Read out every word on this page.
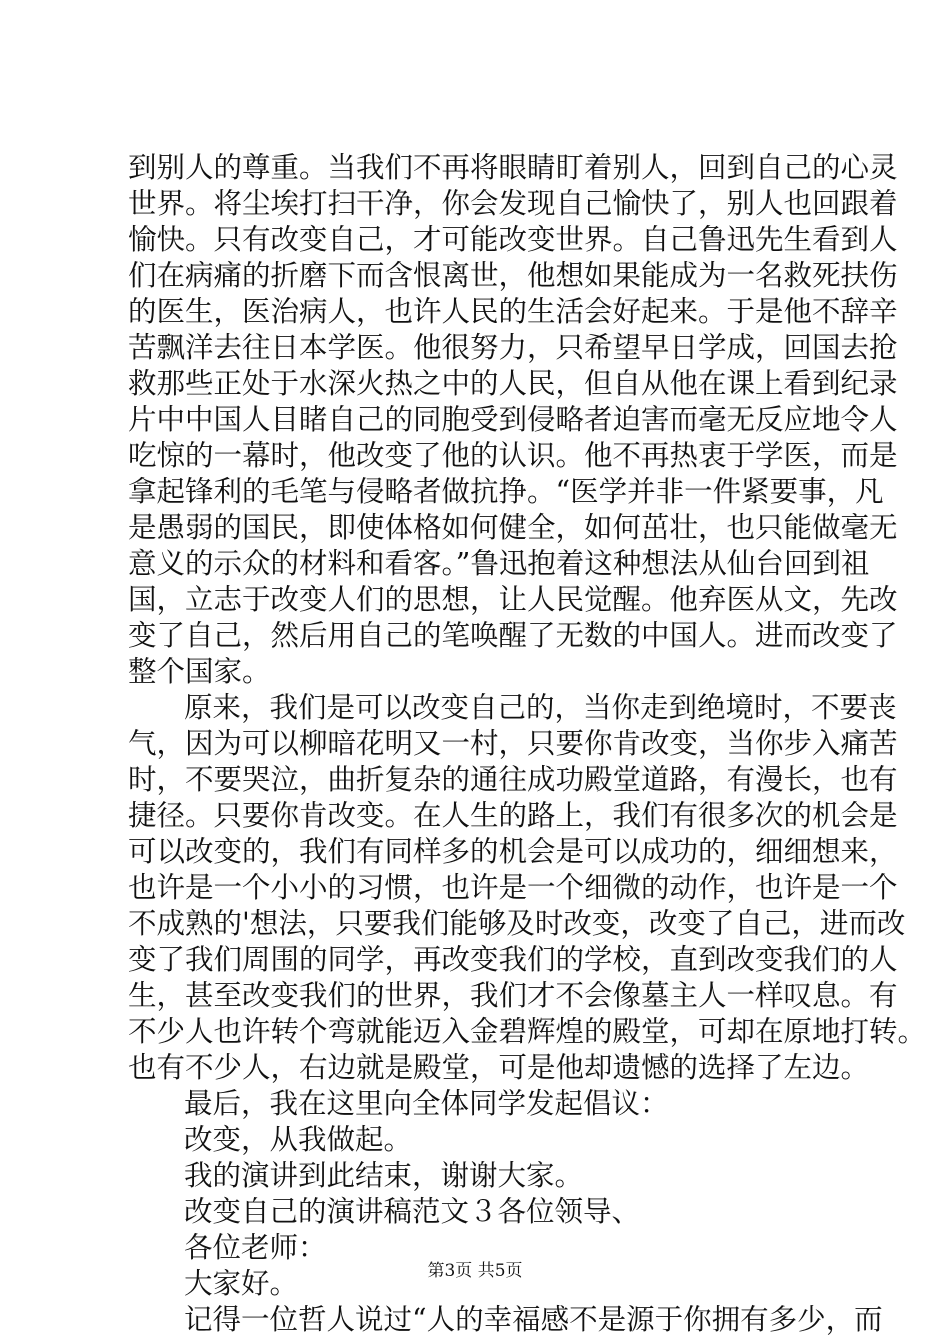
到别人的尊重。当我们不再将眼睛盯着别人，回到自己的心灵
世界。将尘埃打扫干净，你会发现自己愉快了，别人也回跟着
愉快。只有改变自己，才可能改变世界。自己鲁迅先生看到人
们在病痛的折磨下而含恨离世，他想如果能成为一名救死扶伤
的医生，医治病人，也许人民的生活会好起来。于是他不辞辛
苦飘洋去往日本学医。他很努力，只希望早日学成，回国去抢
救那些正处于水深火热之中的人民，但自从他在课上看到纪录
片中中国人目睹自己的同胞受到侵略者迫害而毫无反应地令人
吃惊的一幕时，他改变了他的认识。他不再热衷于学医，而是
拿起锋利的毛笔与侵略者做抗挣。“医学并非一件紧要事，凡
是愚弱的国民，即使体格如何健全，如何茁壮，也只能做毫无
意义的示众的材料和看客。”鲁迅抱着这种想法从仙台回到祖
国，立志于改变人们的思想，让人民觉醒。他弃医从文，先改
变了自己，然后用自己的笔唤醒了无数的中国人。进而改变了
整个国家。
原来，我们是可以改变自己的，当你走到绝境时，不要丧
气，因为可以柳暗花明又一村，只要你肯改变，当你步入痛苦
时，不要哭泣，曲折复杂的通往成功殿堂道路，有漫长，也有
捷径。只要你肯改变。在人生的路上，我们有很多次的机会是
可以改变的，我们有同样多的机会是可以成功的，细细想来，
也许是一个小小的习惯，也许是一个细微的动作，也许是一个
不成熟的'想法，只要我们能够及时改变，改变了自己，进而改
变了我们周围的同学，再改变我们的学校，直到改变我们的人
生，甚至改变我们的世界，我们才不会像墓主人一样叹息。有
不少人也许转个弯就能迈入金碧辉煌的殿堂，可却在原地打转。
也有不少人，右边就是殿堂，可是他却遗憾的选择了左边。
最后，我在这里向全体同学发起倡议：
改变，从我做起。
我的演讲到此结束，谢谢大家。
改变自己的演讲稿范文３各位领导、
各位老师：
大家好。
记得一位哲人说过“人的幸福感不是源于你拥有多少，而
第3页 共5页
